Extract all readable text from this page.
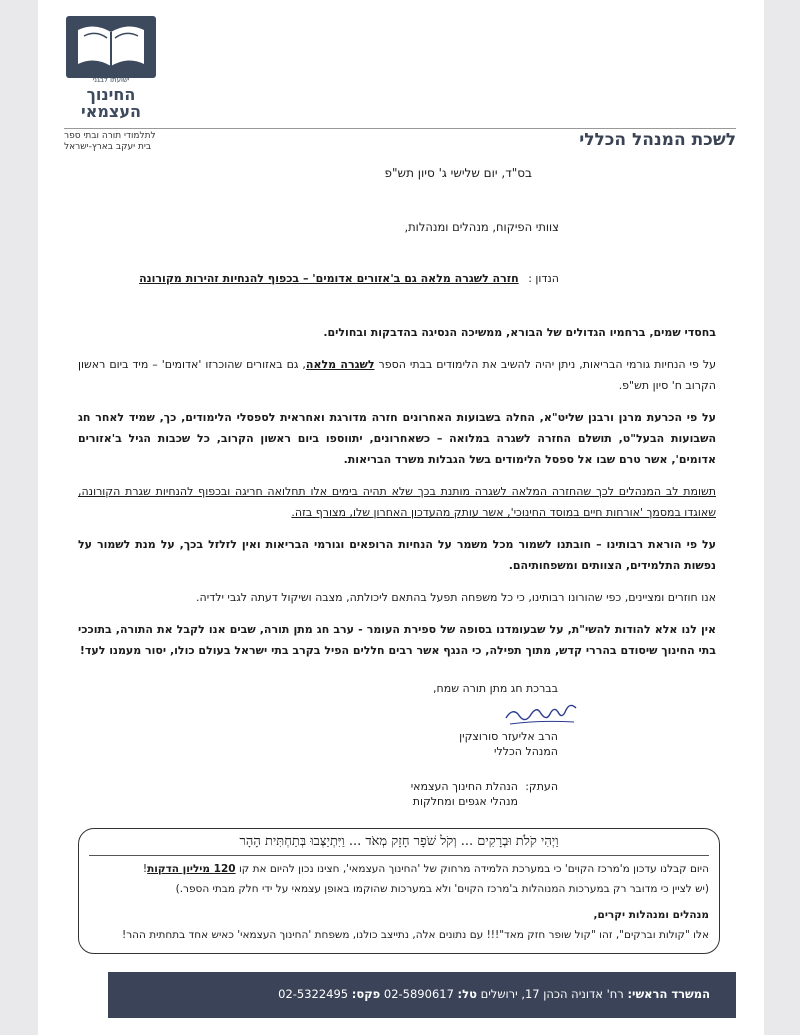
ישועתו לבגני
החינוך
העצמאי
לשכת המנהל הכללי
לתלמודי תורה ובתי ספר
בית יעקב בארץ-ישראל
בס"ד, יום שלישי ג' סיון תש"פ
צוותי הפיקוח, מנהלים ומנהלות,
הנדון : חזרה לשגרה מלאה גם ב'אזורים אדומים' – בכפוף להנחיות זהירות מקורונה

בחסדי שמים, ברחמיו הגדולים של הבורא, ממשיכה הנסיגה בהדבקות ובחולים.

על פי הנחיות גורמי הבריאות, ניתן יהיה להשיב את הלימודים בבתי הספר לשגרה מלאה, גם באזורים שהוכרזו 'אדומים' – מיד ביום ראשון הקרוב ח' סיון תש"פ.

על פי הכרעת מרנן ורבנן שליט"א, החלה בשבועות האחרונים חזרה מדורגת ואחראית לספסלי הלימודים, כך, שמיד לאחר חג השבועות הבעל"ט, תושלם החזרה לשגרה במלואה – כשאחרונים, יתווספו ביום ראשון הקרוב, כל שכבות הגיל ב'אזורים אדומים', אשר טרם שבו אל ספסל הלימודים בשל הגבלות משרד הבריאות.

תשומת לב המנהלים לכך שהחזרה המלאה לשגרה מותנת בכך שלא תהיה בימים אלו תחלואה חריגה ובכפוף להנחיות שגרת הקורונה, שאוגדו במסמך 'אורחות חיים במוסד החינוכי', אשר עותק מהעדכון האחרון שלו, מצורף בזה.

על פי הוראת רבותינו – חובתנו לשמור מכל משמר על הנחיות הרופאים וגורמי הבריאות ואין לזלזל בכך, על מנת לשמור על נפשות התלמידים, הצוותים ומשפחותיהם.

אנו חוזרים ומציינים, כפי שהורונו רבותינו, כי כל משפחה תפעל בהתאם ליכולתה, מצבה ושיקול דעתה לגבי ילדיה.

אין לנו אלא להודות להשי"ת, על שבעומדנו בסופה של ספירת העומר - ערב חג מתן תורה, שבים אנו לקבל את התורה, בתוככי בתי החינוך שיסודם בהררי קדש, מתוך תפילה, כי הנגף אשר רבים חללים הפיל בקרב בתי ישראל בעולם כולו, יסור מעמנו לעד!

בברכת חג מתן תורה שמח,
הרב אליעזר סורוצקין
המנהל הכללי
העתק:
הנהלת החינוך העצמאי
מנהלי אגפים ומחלקות
וַיְהִי קֹלֹת וּבְרָקִים ... וְקֹל שֹׁפָר חָזָק מְאֹד ... וַיִּתְיַצְּבוּ בְּתַחְתִּית הָהָר
היום קבלנו עדכון מ'מרכז הקוים' כי במערכת הלמידה מרחוק של 'החינוך העצמאי', חצינו נכון להיום את קו 120 מיליון הדקות!
(יש לציין כי מדובר רק במערכות המנוהלות ב'מרכז הקוים' ולא במערכות שהוקמו באופן עצמאי על ידי חלק מבתי הספר.)
מנהלים ומנהלות יקרים,
אלו "קולות וברקים", זהו "קול שופר חזק מאד"!!! עם נתונים אלה, נתייצב כולנו, משפחת 'החינוך העצמאי' כאיש אחד בתחתית ההר!
המשרד הראשי: רח' אדוניה הכהן 17, ירושלים טל: 02-5890617 פקס: 02-5322495
